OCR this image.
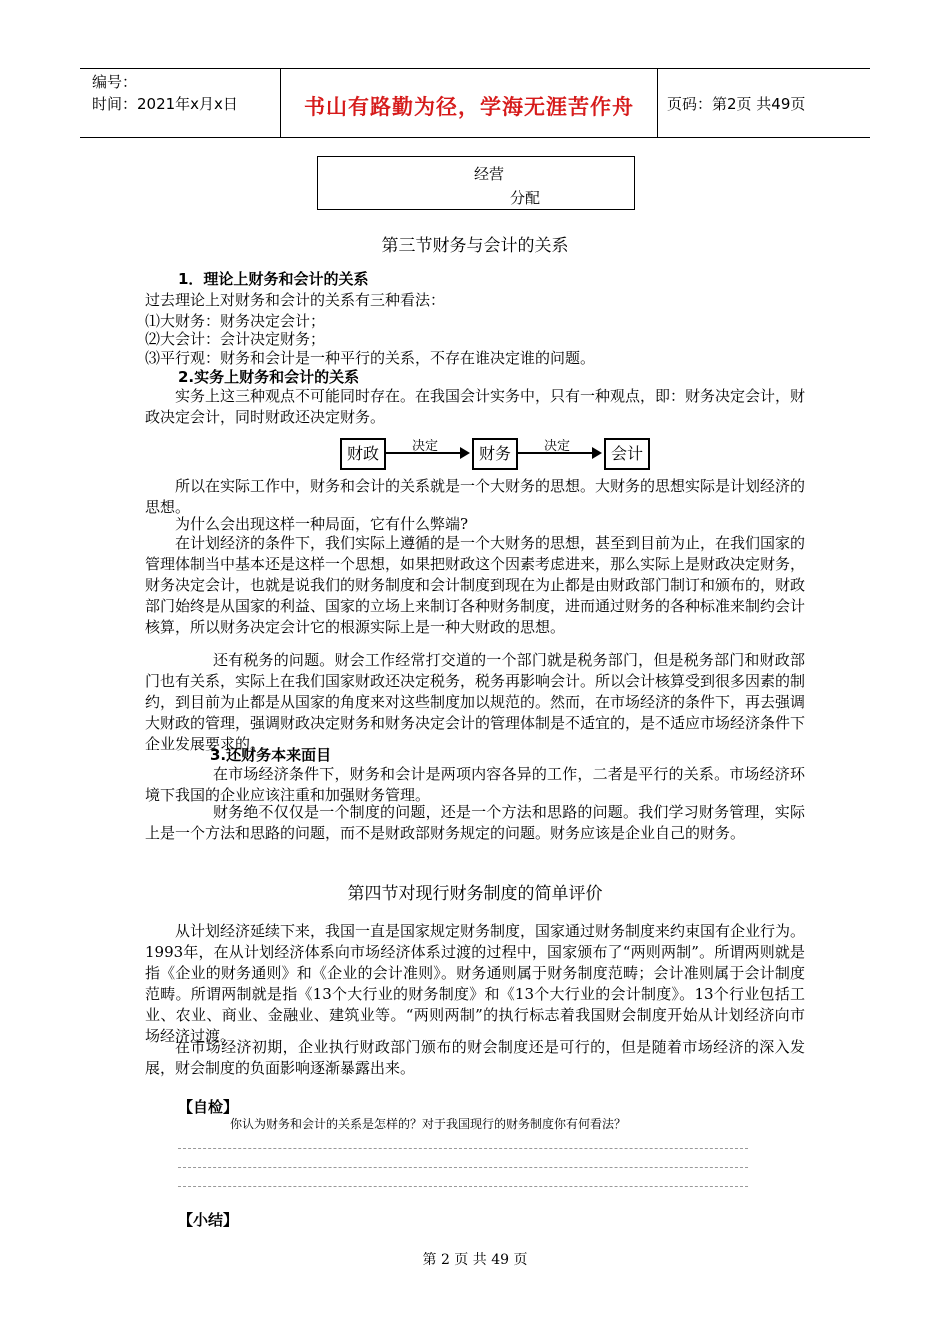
编号：
时间：2021年x月x日	书山有路勤为径，学海无涯苦作舟	页码：第2页 共49页
经营
分配
第三节财务与会计的关系

1．理论上财务和会计的关系

过去理论上对财务和会计的关系有三种看法：

⑴大财务：财务决定会计；

⑵大会计：会计决定财务；

⑶平行观：财务和会计是一种平行的关系，不存在谁决定谁的问题。

2.实务上财务和会计的关系

实务上这三种观点不可能同时存在。在我国会计实务中，只有一种观点，即：财务决定会计，财政决定会计，同时财政还决定财务。

财政	决定	财务	决定	会计

所以在实际工作中，财务和会计的关系就是一个大财务的思想。大财务的思想实际是计划经济的思想。

为什么会出现这样一种局面，它有什么弊端?

在计划经济的条件下，我们实际上遵循的是一个大财务的思想，甚至到目前为止，在我们国家的管理体制当中基本还是这样一个思想，如果把财政这个因素考虑进来，那么实际上是财政决定财务，财务决定会计，也就是说我们的财务制度和会计制度到现在为止都是由财政部门制订和颁布的，财政部门始终是从国家的利益、国家的立场上来制订各种财务制度，进而通过财务的各种标准来制约会计核算，所以财务决定会计它的根源实际上是一种大财政的思想。

还有税务的问题。财会工作经常打交道的一个部门就是税务部门，但是税务部门和财政部门也有关系，实际上在我们国家财政还决定税务，税务再影响会计。所以会计核算受到很多因素的制约，到目前为止都是从国家的角度来对这些制度加以规范的。然而，在市场经济的条件下，再去强调大财政的管理，强调财政决定财务和财务决定会计的管理体制是不适宜的，是不适应市场经济条件下企业发展要求的。

3.还财务本来面目

在市场经济条件下，财务和会计是两项内容各异的工作，二者是平行的关系。市场经济环境下我国的企业应该注重和加强财务管理。

财务绝不仅仅是一个制度的问题，还是一个方法和思路的问题。我们学习财务管理，实际上是一个方法和思路的问题，而不是财政部财务规定的问题。财务应该是企业自己的财务。

第四节对现行财务制度的简单评价

从计划经济延续下来，我国一直是国家规定财务制度，国家通过财务制度来约束国有企业行为。1993年，在从计划经济体系向市场经济体系过渡的过程中，国家颁布了“两则两制”。所谓两则就是指《企业的财务通则》和《企业的会计准则》。财务通则属于财务制度范畴；会计准则属于会计制度范畴。所谓两制就是指《13个大行业的财务制度》和《13个大行业的会计制度》。13个行业包括工业、农业、商业、金融业、建筑业等。“两则两制”的执行标志着我国财会制度开始从计划经济向市场经济过渡。

在市场经济初期，企业执行财政部门颁布的财会制度还是可行的，但是随着市场经济的深入发展，财会制度的负面影响逐渐暴露出来。

【自检】
你认为财务和会计的关系是怎样的？对于我国现行的财务制度你有何看法？
【小结】
第 2 页 共 49 页
